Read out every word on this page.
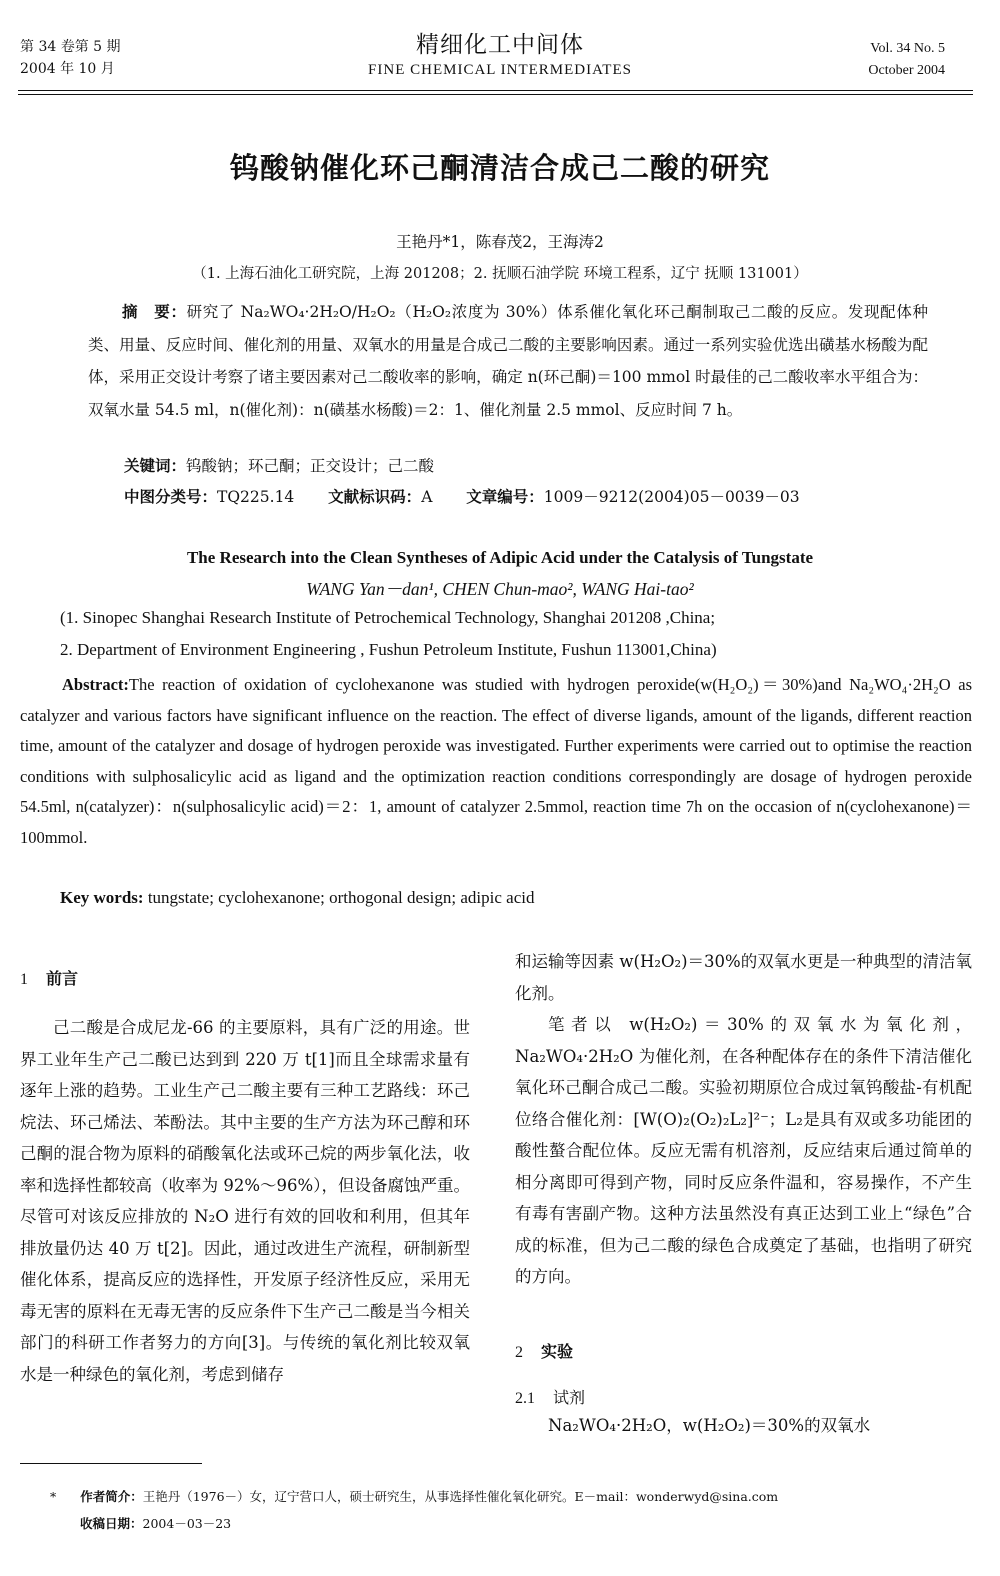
第 34 卷第 5 期
2004 年 10 月
精细化工中间体
FINE CHEMICAL INTERMEDIATES
Vol. 34 No. 5
October 2004
钨酸钠催化环己酮清洁合成己二酸的研究
王艳丹*1，陈春茂2，王海涛2
（1. 上海石油化工研究院，上海 201208；2. 抚顺石油学院 环境工程系，辽宁 抚顺 131001）
摘　要：研究了 Na₂WO₄·2H₂O/H₂O₂（H₂O₂浓度为 30%）体系催化氧化环己酮制取己二酸的反应。发现配体种类、用量、反应时间、催化剂的用量、双氧水的用量是合成己二酸的主要影响因素。通过一系列实验优选出磺基水杨酸为配体，采用正交设计考察了诸主要因素对己二酸收率的影响，确定 n(环己酮)＝100 mmol 时最佳的己二酸收率水平组合为：双氧水量 54.5 ml，n(催化剂)：n(磺基水杨酸)＝2：1、催化剂量 2.5 mmol、反应时间 7 h。
关键词：钨酸钠；环己酮；正交设计；己二酸
中图分类号：TQ225.14 文献标识码：A 文章编号：1009－9212(2004)05－0039－03
The Research into the Clean Syntheses of Adipic Acid under the Catalysis of Tungstate
WANG Yan－dan¹, CHEN Chun-mao², WANG Hai-tao²
(1. Sinopec Shanghai Research Institute of Petrochemical Technology, Shanghai 201208 ,China;
2. Department of Environment Engineering , Fushun Petroleum Institute, Fushun 113001,China)
Abstract:The reaction of oxidation of cyclohexanone was studied with hydrogen peroxide(w(H₂O₂)＝30%)and Na₂WO₄·2H₂O as catalyzer and various factors have significant influence on the reaction. The effect of diverse ligands, amount of the ligands, different reaction time, amount of the catalyzer and dosage of hydrogen peroxide was investigated. Further experiments were carried out to optimise the reaction conditions with sulphosalicylic acid as ligand and the optimization reaction conditions correspondingly are dosage of hydrogen peroxide 54.5ml, n(catalyzer)：n(sulphosalicylic acid)＝2：1, amount of catalyzer 2.5mmol, reaction time 7h on the occasion of n(cyclohexanone)＝100mmol.
Key words: tungstate; cyclohexanone; orthogonal design; adipic acid
1 前言

己二酸是合成尼龙-66 的主要原料，具有广泛的用途。世界工业年生产己二酸已达到到 220 万 t[1]而且全球需求量有逐年上涨的趋势。工业生产己二酸主要有三种工艺路线：环己烷法、环己烯法、苯酚法。其中主要的生产方法为环己醇和环己酮的混合物为原料的硝酸氧化法或环己烷的两步氧化法，收率和选择性都较高（收率为 92%～96%），但设备腐蚀严重。尽管可对该反应排放的 N₂O 进行有效的回收和利用，但其年排放量仍达 40 万 t[2]。因此，通过改进生产流程，研制新型催化体系，提高反应的选择性，开发原子经济性反应，采用无毒无害的原料在无毒无害的反应条件下生产己二酸是当今相关部门的科研工作者努力的方向[3]。与传统的氧化剂比较双氧水是一种绿色的氧化剂，考虑到储存

和运输等因素 w(H₂O₂)＝30%的双氧水更是一种典型的清洁氧化剂。

笔者以 w(H₂O₂)＝30%的双氧水为氧化剂，Na₂WO₄·2H₂O 为催化剂，在各种配体存在的条件下清洁催化氧化环己酮合成己二酸。实验初期原位合成过氧钨酸盐-有机配位络合催化剂：[W(O)₂(O₂)₂L₂]²⁻；L₂是具有双或多功能团的酸性螯合配位体。反应无需有机溶剂，反应结束后通过简单的相分离即可得到产物，同时反应条件温和，容易操作，不产生有毒有害副产物。这种方法虽然没有真正达到工业上“绿色”合成的标准，但为己二酸的绿色合成奠定了基础，也指明了研究的方向。

2 实验
2.1 试剂

Na₂WO₄·2H₂O，w(H₂O₂)＝30%的双氧水

* 作者简介：王艳丹（1976－）女，辽宁营口人，硕士研究生，从事选择性催化氧化研究。E－mail：wonderwyd@sina.com
收稿日期：2004－03－23
